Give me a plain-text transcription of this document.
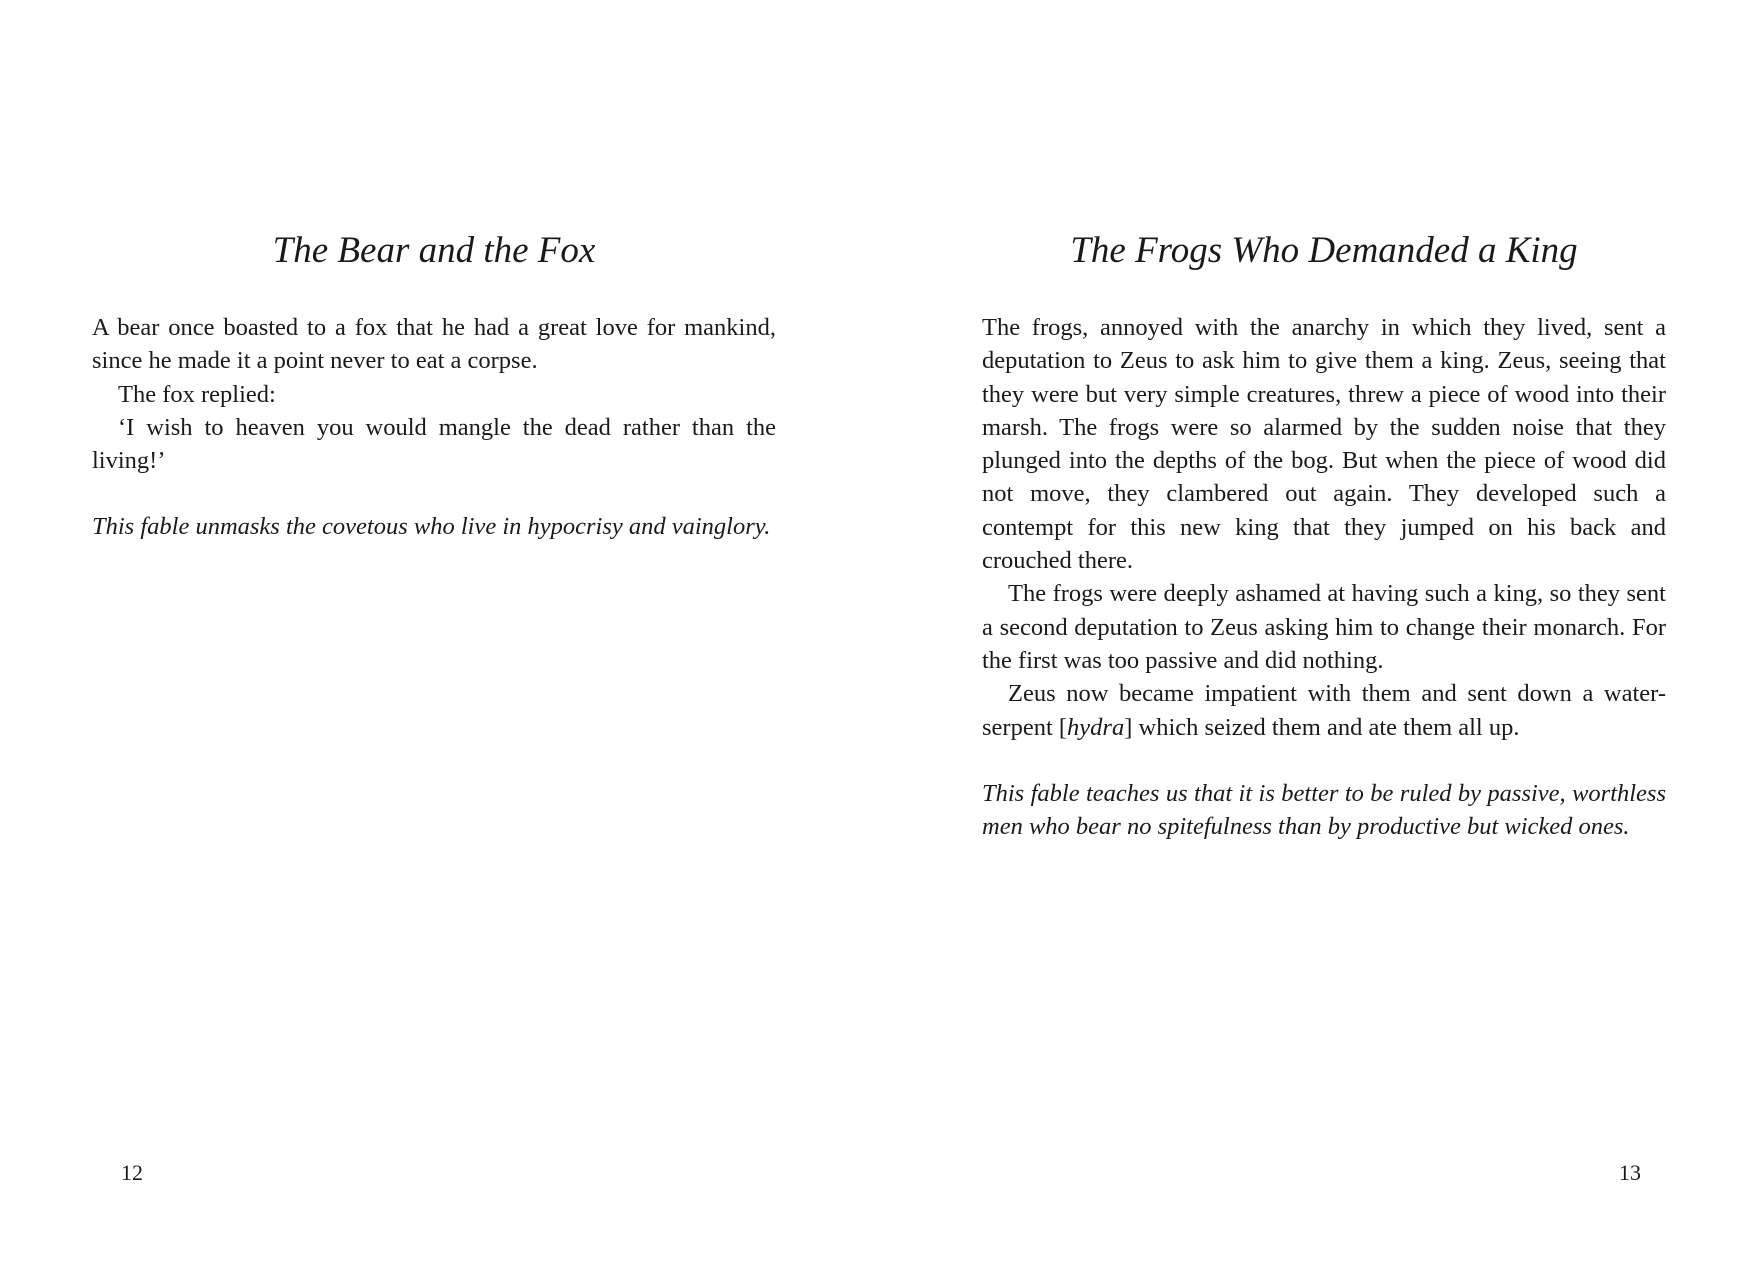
The Bear and the Fox

A bear once boasted to a fox that he had a great love for mankind, since he made it a point never to eat a corpse.

The fox replied:

‘I wish to heaven you would mangle the dead rather than the living!’

This fable unmasks the covetous who live in hypocrisy and vainglory.

12
The Frogs Who Demanded a King

The frogs, annoyed with the anarchy in which they lived, sent a deputation to Zeus to ask him to give them a king. Zeus, seeing that they were but very simple creatures, threw a piece of wood into their marsh. The frogs were so alarmed by the sudden noise that they plunged into the depths of the bog. But when the piece of wood did not move, they clambered out again. They developed such a contempt for this new king that they jumped on his back and crouched there.

The frogs were deeply ashamed at having such a king, so they sent a second deputation to Zeus asking him to change their monarch. For the first was too passive and did nothing.

Zeus now became impatient with them and sent down a water-serpent [hydra] which seized them and ate them all up.

This fable teaches us that it is better to be ruled by passive, worthless men who bear no spitefulness than by productive but wicked ones.

13
